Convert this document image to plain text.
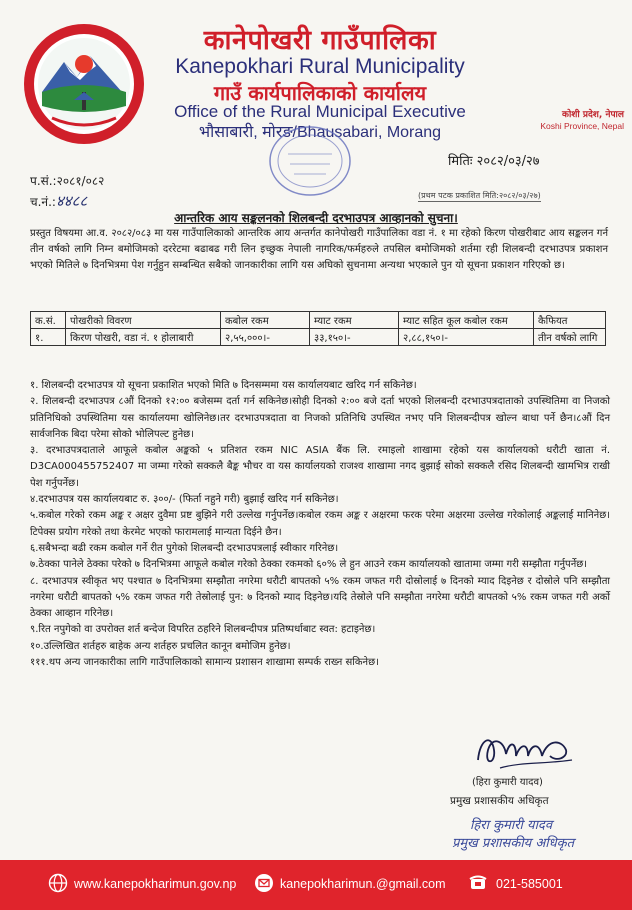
कानेपोखरी गाउँपालिका
Kanepokhari Rural Municipality
गाउँ कार्यपालिकाको कार्यालय
Office of the Rural Municipal Executive
भौसाबारी, मोरङ/Bhausabari, Morang
कोशी प्रदेश, नेपाल
Koshi Province, Nepal
मितिः २०८२/०३/२७
प.सं.:२०८१/०८२
च.नं.:४४८८	(प्रथम पटक प्रकाशित मिति:२०८२/०३/२७)
आन्तरिक आय सङ्कलनको शिलबन्दी दरभाउपत्र आव्हानको सुचना।
प्रस्तुत विषयमा आ.व. २०८२/०८३ मा यस गाउँपालिकाको आन्तरिक आय अन्तर्गत कानेपोखरी गाउँपालिका वडा नं. १ मा रहेको किरण पोखरीबाट आय सङ्कलन गर्न तीन वर्षको लागि निम्न बमोजिमको दररेटमा बढाबढ गरी लिन इच्छुक नेपाली नागरिक/फर्महरुले तपसिल बमोजिमको शर्तमा रही शिलबन्दी दरभाउपत्र प्रकाशन भएको मितिले ७ दिनभित्रमा पेश गर्नुहुन सम्बन्धित सबैको जानकारीका लागि यस अघिको सुचनामा अन्यथा भएकाले पुन यो सूचना प्रकाशन गरिएको छ।
क.सं.	पोखरीको विवरण	कबोल रकम	म्याट रकम	म्याट सहित कूल कबोल रकम	कैफियत
१.	किरण पोखरी, वडा नं. १ होलाबारी	२,५५,०००।-	३३,१५०।-	२,८८,१५०।-	तीन वर्षको लागि
१. शिलबन्दी दरभाउपत्र यो सूचना प्रकाशित भएको मिति ७ दिनसम्ममा यस कार्यालयबाट खरिद गर्न सकिनेछ।
२. शिलबन्दी दरभाउपत्र ८औं दिनको १२:०० बजेसम्म दर्ता गर्न सकिनेछ।सोही दिनको २:०० बजे दर्ता भएको शिलबन्दी दरभाउपत्रदाताको उपस्थितिमा वा निजको प्रतिनिधिको उपस्थितिमा यस कार्यालयमा खोलिनेछ।तर दरभाउपत्रदाता वा निजको प्रतिनिधि उपस्थित नभए पनि शिलबन्दीपत्र खोल्न बाधा पर्ने छैन।८औं दिन सार्वजनिक बिदा परेमा सोको भोलिपल्ट हुनेछ।
३. दरभाउपत्रदाताले आफूले कबोल अङ्कको ५ प्रतिशत रकम NIC ASIA बैंक लि. रमाइलो शाखामा रहेको यस कार्यालयको धरौटी खाता नं. D3CA000455752407 मा जम्मा गरेको सक्कलै बैङ्क भौचर वा यस कार्यालयको राजश्व शाखामा नगद बुझाई सोको सक्कलै रसिद शिलबन्दी खामभित्र राखी पेश गर्नुपर्नेछ।
४.दरभाउपत्र यस कार्यालयबाट रु. ३००/- (फिर्ता नहुने गरी) बुझाई खरिद गर्न सकिनेछ।
५.कबोल गरेको रकम अङ्क र अक्षर दुवैमा प्रष्ट बुझिने गरी उल्लेख गर्नुपर्नेछ।कबोल रकम अङ्क र अक्षरमा फरक परेमा अक्षरमा उल्लेख गरेकोलाई अङ्कलाई मानिनेछ।टिपेक्स प्रयोग गरेको तथा केरमेट भएको फारामलाई मान्यता दिईने छैन।
६.सबैभन्दा बढी रकम कबोल गर्ने रीत पुगेको शिलबन्दी दरभाउपत्रलाई स्वीकार गरिनेछ।
७.ठेक्का पानेले ठेक्का परेको ७ दिनभित्रमा आफूले कबोल गरेको ठेक्का रकमको ६०% ले हुन आउने रकम कार्यालयको खातामा जम्मा गरी सम्झौता गर्नुपर्नेछ।
८. दरभाउपत्र स्वीकृत भए पश्चात ७ दिनभित्रमा सम्झौता नगरेमा धरौटी बापतको ५% रकम जफत गरी दोस्रोलाई ७ दिनको म्याद दिइनेछ र दोस्रोले पनि सम्झौता नगरेमा धरौटी बापतको ५% रकम जफत गरी तेस्रोलाई पुन: ७ दिनको म्याद दिइनेछ।यदि तेस्रोले पनि सम्झौता नगरेमा धरौटी बापतको ५% रकम जफत गरी अर्को ठेक्का आव्हान गरिनेछ।
९.रित नपुगेको वा उपरोक्त शर्त बन्देज विपरित ठहरिने शिलबन्दीपत्र प्रतिष्पर्धाबाट स्वत: हटाइनेछ।
१०.उल्लिखित शर्तहरु बाहेक अन्य शर्तहरु प्रचलित कानून बमोजिम हुनेछ।
१११.थप अन्य जानकारीका लागि गाउँपालिकाको सामान्य प्रशासन शाखामा सम्पर्क राख्न सकिनेछ।
(हिरा कुमारी यादव)
प्रमुख प्रशासकीय अधिकृत
हिरा कुमारी यादव
प्रमुख प्रशासकीय अधिकृत
www.kanepokharimun.gov.np	kanepokharimun.@gmail.com	021-585001
